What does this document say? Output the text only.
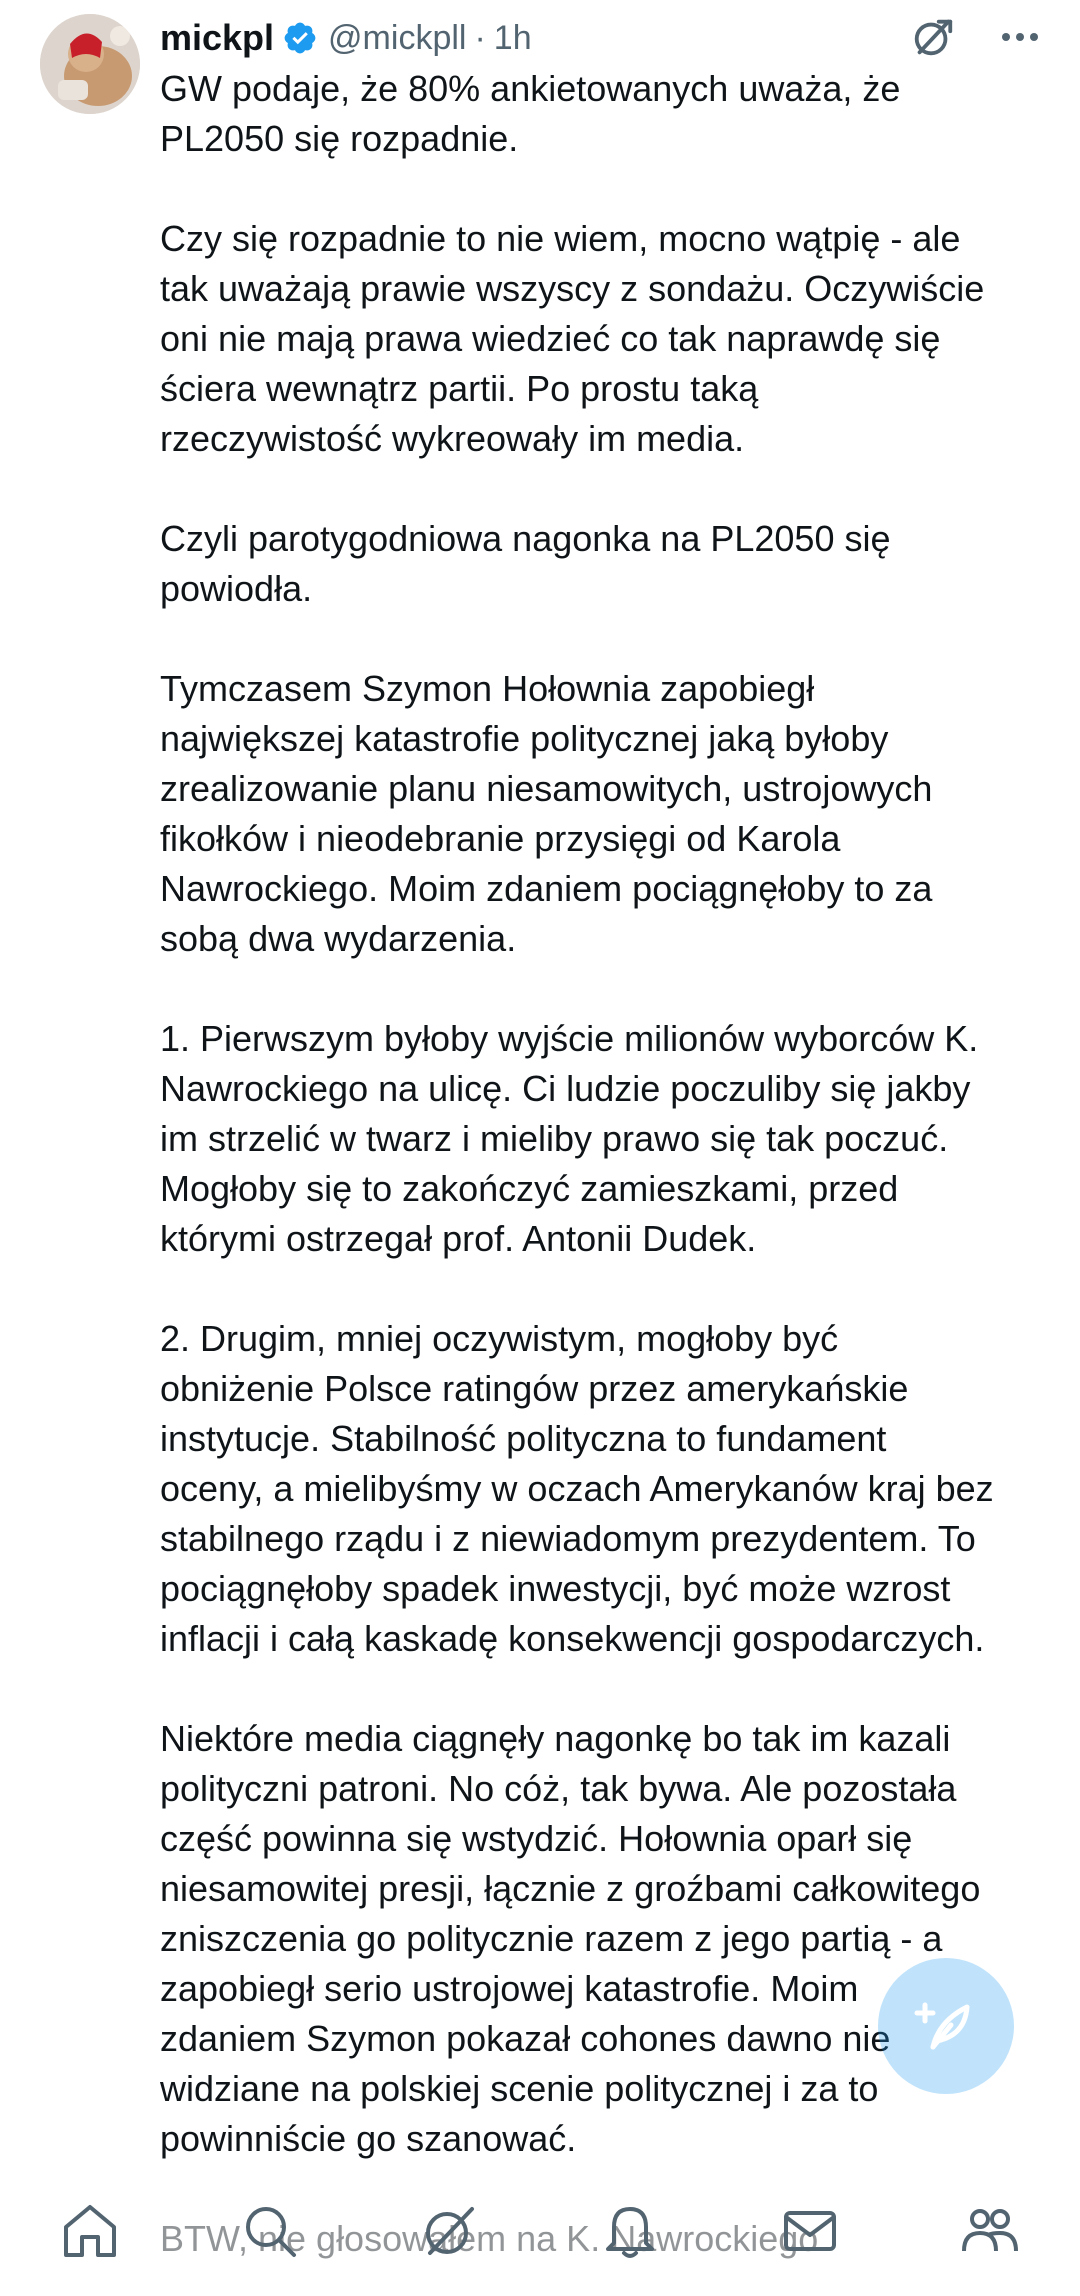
mickpl @mickpll · 1h
GW podaje, że 80% ankietowanych uważa, że
PL2050 się rozpadnie.

Czy się rozpadnie to nie wiem, mocno wątpię - ale
tak uważają prawie wszyscy z sondażu. Oczywiście
oni nie mają prawa wiedzieć co tak naprawdę się
ściera wewnątrz partii. Po prostu taką
rzeczywistość wykreowały im media.

Czyli parotygodniowa nagonka na PL2050 się
powiodła.

Tymczasem Szymon Hołownia zapobiegł
największej katastrofie politycznej jaką byłoby
zrealizowanie planu niesamowitych, ustrojowych
fikołków i nieodebranie przysięgi od Karola
Nawrockiego. Moim zdaniem pociągnęłoby to za
sobą dwa wydarzenia.

1. Pierwszym byłoby wyjście milionów wyborców K.
Nawrockiego na ulicę. Ci ludzie poczuliby się jakby
im strzelić w twarz i mieliby prawo się tak poczuć.
Mogłoby się to zakończyć zamieszkami, przed
którymi ostrzegał prof. Antonii Dudek.

2. Drugim, mniej oczywistym, mogłoby być
obniżenie Polsce ratingów przez amerykańskie
instytucje. Stabilność polityczna to fundament
oceny, a mielibyśmy w oczach Amerykanów kraj bez
stabilnego rządu i z niewiadomym prezydentem. To
pociągnęłoby spadek inwestycji, być może wzrost
inflacji i całą kaskadę konsekwencji gospodarczych.

Niektóre media ciągnęły nagonkę bo tak im kazali
polityczni patroni. No cóż, tak bywa. Ale pozostała
część powinna się wstydzić. Hołownia oparł się
niesamowitej presji, łącznie z groźbami całkowitego
zniszczenia go politycznie razem z jego partią - a
zapobiegł serio ustrojowej katastrofie. Moim
zdaniem Szymon pokazał cohones dawno nie
widziane na polskiej scenie politycznej i za to
powinniście go szanować.
